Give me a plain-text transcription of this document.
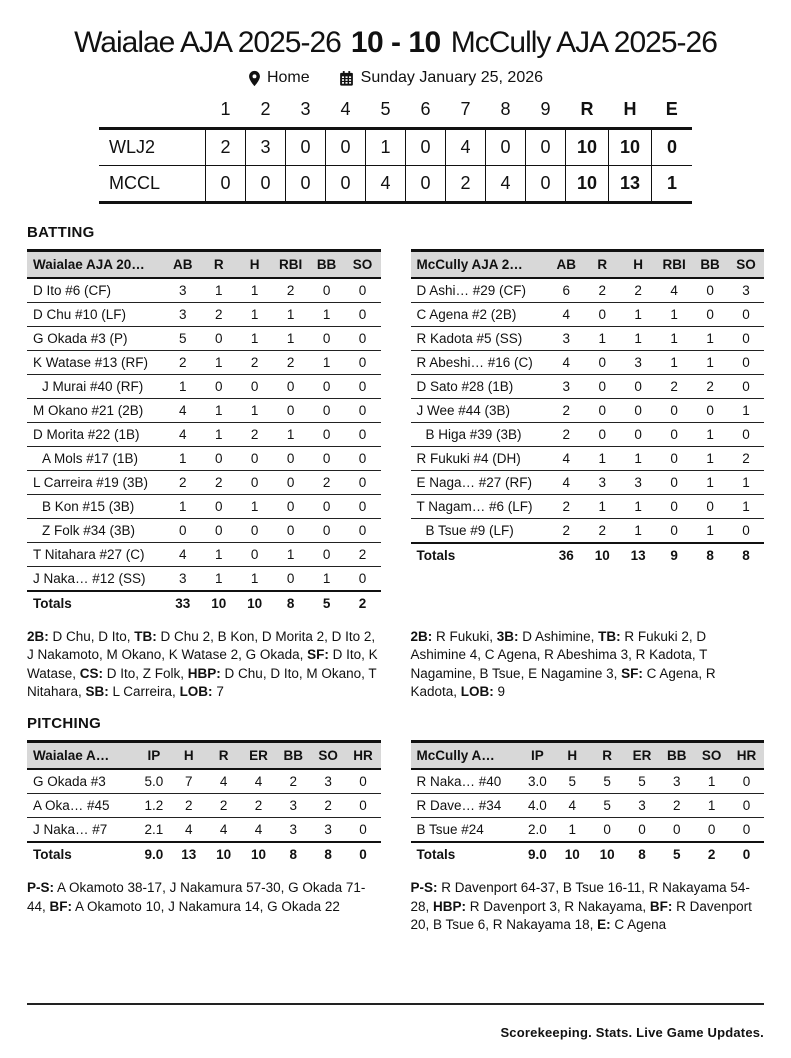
Waialae AJA 2025-26 10 - 10 McCully AJA 2025-26
Home	Sunday January 25, 2026
	1	2	3	4	5	6	7	8	9	R	H	E
WLJ2	2	3	0	0	1	0	4	0	0	10	10	0
MCCL	0	0	0	0	4	0	2	4	0	10	13	1
BATTING
Waialae AJA 20…	AB	R	H	RBI	BB	SO
D Ito #6 (CF)	3	1	1	2	0	0
D Chu #10 (LF)	3	2	1	1	1	0
G Okada #3 (P)	5	0	1	1	0	0
K Watase #13 (RF)	2	1	2	2	1	0
J Murai #40 (RF)	1	0	0	0	0	0
M Okano #21 (2B)	4	1	1	0	0	0
D Morita #22 (1B)	4	1	2	1	0	0
A Mols #17 (1B)	1	0	0	0	0	0
L Carreira #19 (3B)	2	2	0	0	2	0
B Kon #15 (3B)	1	0	1	0	0	0
Z Folk #34 (3B)	0	0	0	0	0	0
T Nitahara #27 (C)	4	1	0	1	0	2
J Naka… #12 (SS)	3	1	1	0	1	0
Totals	33	10	10	8	5	2
McCully AJA 2…	AB	R	H	RBI	BB	SO
D Ashi… #29 (CF)	6	2	2	4	0	3
C Agena #2 (2B)	4	0	1	1	0	0
R Kadota #5 (SS)	3	1	1	1	1	0
R Abeshi… #16 (C)	4	0	3	1	1	0
D Sato #28 (1B)	3	0	0	2	2	0
J Wee #44 (3B)	2	0	0	0	0	1
B Higa #39 (3B)	2	0	0	0	1	0
R Fukuki #4 (DH)	4	1	1	0	1	2
E Naga… #27 (RF)	4	3	3	0	1	1
T Nagam… #6 (LF)	2	1	1	0	0	1
B Tsue #9 (LF)	2	2	1	0	1	0
Totals	36	10	13	9	8	8

2B: D Chu, D Ito, TB: D Chu 2, B Kon, D Morita 2, D Ito 2, J Nakamoto, M Okano, K Watase 2, G Okada, SF: D Ito, K Watase, CS: D Ito, Z Folk, HBP: D Chu, D Ito, M Okano, T Nitahara, SB: L Carreira, LOB: 7

2B: R Fukuki, 3B: D Ashimine, TB: R Fukuki 2, D Ashimine 4, C Agena, R Abeshima 3, R Kadota, T Nagamine, B Tsue, E Nagamine 3, SF: C Agena, R Kadota, LOB: 9

PITCHING
Waialae A…	IP	H	R	ER	BB	SO	HR
G Okada #3	5.0	7	4	4	2	3	0
A Oka… #45	1.2	2	2	2	3	2	0
J Naka… #7	2.1	4	4	4	3	3	0
Totals	9.0	13	10	10	8	8	0
McCully A…	IP	H	R	ER	BB	SO	HR
R Naka… #40	3.0	5	5	5	3	1	0
R Dave… #34	4.0	4	5	3	2	1	0
B Tsue #24	2.0	1	0	0	0	0	0
Totals	9.0	10	10	8	5	2	0

P-S: A Okamoto 38-17, J Nakamura 57-30, G Okada 71-44, BF: A Okamoto 10, J Nakamura 14, G Okada 22

P-S: R Davenport 64-37, B Tsue 16-11, R Nakayama 54-28, HBP: R Davenport 3, R Nakayama, BF: R Davenport 20, B Tsue 6, R Nakayama 18, E: C Agena

Scorekeeping. Stats. Live Game Updates.
